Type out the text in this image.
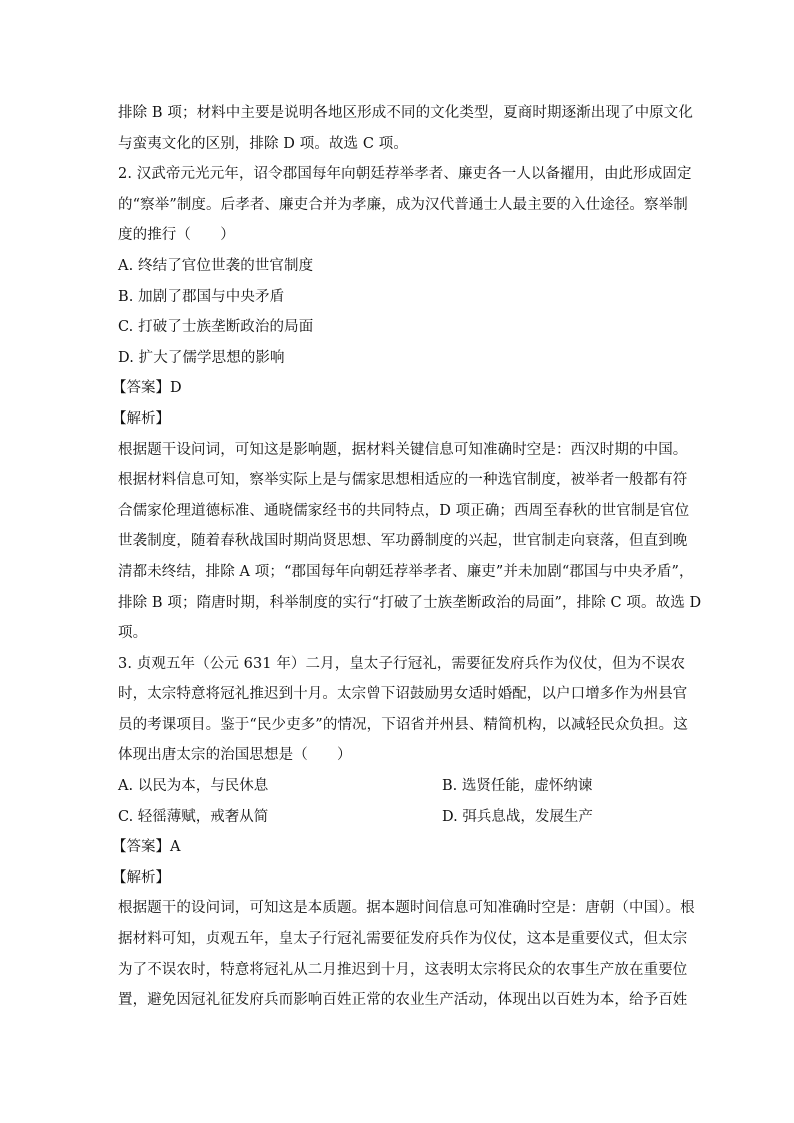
排除 B 项；材料中主要是说明各地区形成不同的文化类型，夏商时期逐渐出现了中原文化
与蛮夷文化的区别，排除 D 项。故选 C 项。
2. 汉武帝元光元年，诏令郡国每年向朝廷荐举孝者、廉吏各一人以备擢用，由此形成固定
的“察举”制度。后孝者、廉吏合并为孝廉，成为汉代普通士人最主要的入仕途径。察举制
度的推行（　　）
A. 终结了官位世袭的世官制度
B. 加剧了郡国与中央矛盾
C. 打破了士族垄断政治的局面
D. 扩大了儒学思想的影响
【答案】D
【解析】
根据题干设问词，可知这是影响题，据材料关键信息可知准确时空是：西汉时期的中国。
根据材料信息可知，察举实际上是与儒家思想相适应的一种选官制度，被举者一般都有符
合儒家伦理道德标准、通晓儒家经书的共同特点，D 项正确；西周至春秋的世官制是官位
世袭制度，随着春秋战国时期尚贤思想、军功爵制度的兴起，世官制走向衰落，但直到晚
清都未终结，排除 A 项；“郡国每年向朝廷荐举孝者、廉吏”并未加剧“郡国与中央矛盾”，
排除 B 项；隋唐时期，科举制度的实行“打破了士族垄断政治的局面”，排除 C 项。故选 D
项。
3. 贞观五年（公元 631 年）二月，皇太子行冠礼，需要征发府兵作为仪仗，但为不误农
时，太宗特意将冠礼推迟到十月。太宗曾下诏鼓励男女适时婚配，以户口增多作为州县官
员的考课项目。鉴于“民少吏多”的情况，下诏省并州县、精简机构，以减轻民众负担。这
体现出唐太宗的治国思想是（　　）
A. 以民为本，与民休息	B. 选贤任能，虚怀纳谏
C. 轻徭薄赋，戒奢从简	D. 弭兵息战，发展生产
【答案】A
【解析】
根据题干的设问词，可知这是本质题。据本题时间信息可知准确时空是：唐朝（中国）。根
据材料可知，贞观五年，皇太子行冠礼需要征发府兵作为仪仗，这本是重要仪式，但太宗
为了不误农时，特意将冠礼从二月推迟到十月，这表明太宗将民众的农事生产放在重要位
置，避免因冠礼征发府兵而影响百姓正常的农业生产活动，体现出以百姓为本，给予百姓
